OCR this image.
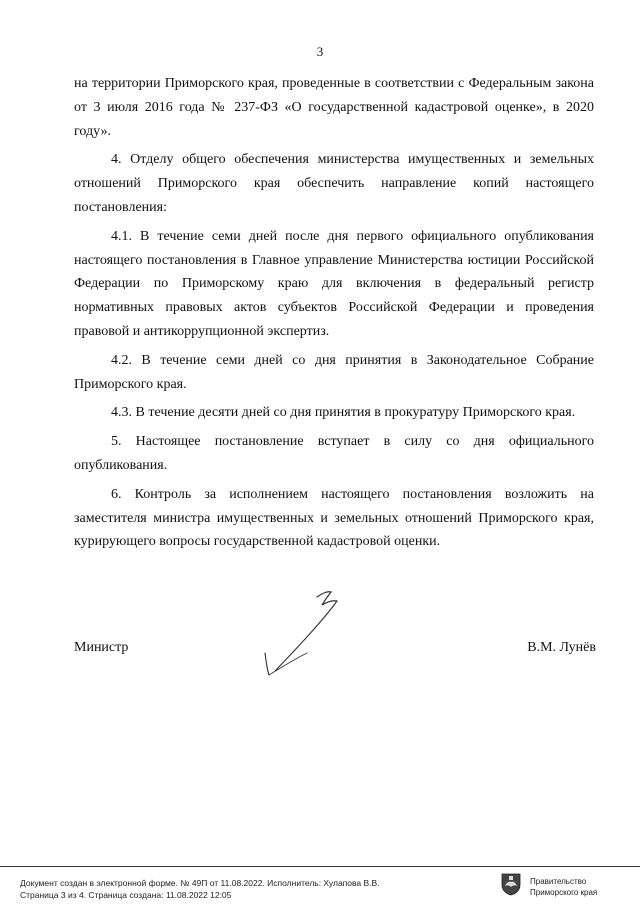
3

на территории Приморского края, проведенные в соответствии с Федеральным закона от 3 июля 2016 года № 237-ФЗ «О государственной кадастровой оценке», в 2020 году».

4. Отделу общего обеспечения министерства имущественных и земельных отношений Приморского края обеспечить направление копий настоящего постановления:

4.1. В течение семи дней после дня первого официального опубликования настоящего постановления в Главное управление Министерства юстиции Российской Федерации по Приморскому краю для включения в федеральный регистр нормативных правовых актов субъектов Российской Федерации и проведения правовой и антикоррупционной экспертиз.

4.2. В течение семи дней со дня принятия в Законодательное Собрание Приморского края.

4.3. В течение десяти дней со дня принятия в прокуратуру Приморского края.

5. Настоящее постановление вступает в силу со дня официального опубликования.

6. Контроль за исполнением настоящего постановления возложить на заместителя министра имущественных и земельных отношений Приморского края, курирующего вопросы государственной кадастровой оценки.

Министр	В.М. Лунёв
Документ создан в электронной форме. № 49П от 11.08.2022. Исполнитель: Хулапова В.В.
Страница 3 из 4. Страница создана: 11.08.2022 12:05
Правительство
Приморского края
